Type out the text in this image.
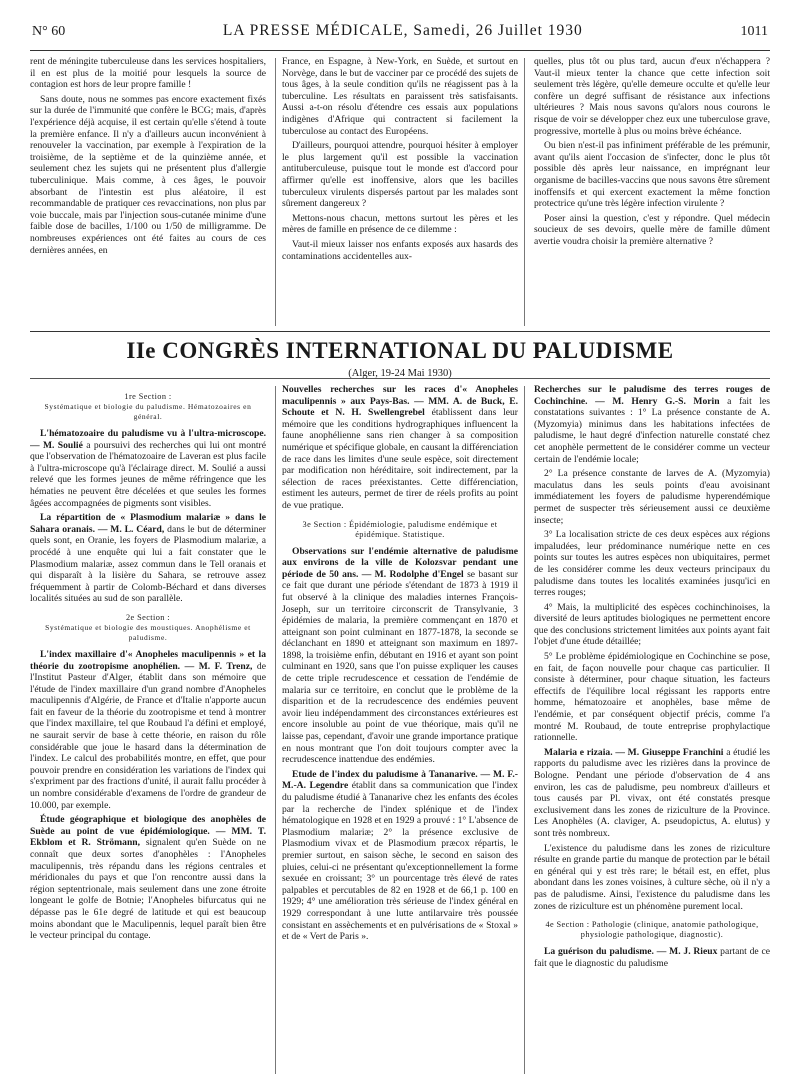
N° 60	LA PRESSE MÉDICALE, Samedi, 26 Juillet 1930	1011

rent de méningite tuberculeuse dans les services hospitaliers, il en est plus de la moitié pour lesquels la source de contagion est hors de leur propre famille !

Sans doute, nous ne sommes pas encore exactement fixés sur la durée de l'immunité que confère le BCG; mais, d'après l'expérience déjà acquise, il est certain qu'elle s'étend à toute la première enfance. Il n'y a d'ailleurs aucun inconvénient à renouveler la vaccination, par exemple à l'expiration de la troisième, de la septième et de la quinzième année, et seulement chez les sujets qui ne présentent plus d'allergie tuberculinique. Mais comme, à ces âges, le pouvoir absorbant de l'intestin est plus aléatoire, il est recommandable de pratiquer ces revaccinations, non plus par voie buccale, mais par l'injection sous-cutanée minime d'une faible dose de bacilles, 1/100 ou 1/50 de milligramme. De nombreuses expériences ont été faites au cours de ces dernières années, en

France, en Espagne, à New-York, en Suède, et surtout en Norvège, dans le but de vacciner par ce procédé des sujets de tous âges, à la seule condition qu'ils ne réagissent pas à la tuberculine. Les résultats en paraissent très satisfaisants. Aussi a-t-on résolu d'étendre ces essais aux populations indigènes d'Afrique qui contractent si facilement la tuberculose au contact des Européens.

D'ailleurs, pourquoi attendre, pourquoi hésiter à employer le plus largement qu'il est possible la vaccination antituberculeuse, puisque tout le monde est d'accord pour affirmer qu'elle est inoffensive, alors que les bacilles tuberculeux virulents dispersés partout par les malades sont sûrement dangereux ?

Mettons-nous chacun, mettons surtout les pères et les mères de famille en présence de ce dilemme :

Vaut-il mieux laisser nos enfants exposés aux hasards des contaminations accidentelles aux-

quelles, plus tôt ou plus tard, aucun d'eux n'échappera ? Vaut-il mieux tenter la chance que cette infection soit seulement très légère, qu'elle demeure occulte et qu'elle leur confère un degré suffisant de résistance aux infections ultérieures ? Mais nous savons qu'alors nous courons le risque de voir se développer chez eux une tuberculose grave, progressive, mortelle à plus ou moins brève échéance.

Ou bien n'est-il pas infiniment préférable de les prémunir, avant qu'ils aient l'occasion de s'infecter, donc le plus tôt possible dès après leur naissance, en imprégnant leur organisme de bacilles-vaccins que nous savons être sûrement inoffensifs et qui exercent exactement la même fonction protectrice qu'une très légère infection virulente ?

Poser ainsi la question, c'est y répondre. Quel médecin soucieux de ses devoirs, quelle mère de famille dûment avertie voudra choisir la première alternative ?

IIe CONGRÈS INTERNATIONAL DU PALUDISME
(Alger, 19-24 Mai 1930)
1re Section :
Systématique et biologie du paludisme. Hématozoaires en général.

L'hématozoaire du paludisme vu à l'ultra-microscope. — M. Soulié a poursuivi des recherches qui lui ont montré que l'observation de l'hématozoaire de Laveran est plus facile à l'ultra-microscope qu'à l'éclairage direct. M. Soulié a aussi relevé que les formes jeunes de même réfringence que les hématies ne peuvent être décelées et que seules les formes âgées accompagnées de pigments sont visibles.

La répartition de « Plasmodium malariæ » dans le Sahara oranais. — M. L. Céard, dans le but de déterminer quels sont, en Oranie, les foyers de Plasmodium malariæ, a procédé à une enquête qui lui a fait constater que le Plasmodium malariæ, assez commun dans le Tell oranais et qui disparaît à la lisière du Sahara, se retrouve assez fréquemment à partir de Colomb-Béchard et dans diverses localités situées au sud de son parallèle.

2e Section :
Systématique et biologie des moustiques. Anophélisme et paludisme.

L'index maxillaire d'« Anopheles maculipennis » et la théorie du zootropisme anophélien. — M. F. Trenz, de l'Institut Pasteur d'Alger, établit dans son mémoire que l'étude de l'index maxillaire d'un grand nombre d'Anopheles maculipennis d'Algérie, de France et d'Italie n'apporte aucun fait en faveur de la théorie du zootropisme et tend à montrer que l'index maxillaire, tel que Roubaud l'a défini et employé, ne saurait servir de base à cette théorie, en raison du rôle considérable que joue le hasard dans la détermination de l'index. Le calcul des probabilités montre, en effet, que pour pouvoir prendre en considération les variations de l'index qui s'expriment par des fractions d'unité, il aurait fallu procéder à un nombre considérable d'examens de l'ordre de grandeur de 10.000, par exemple.

Étude géographique et biologique des anophèles de Suède au point de vue épidémiologique. — MM. T. Ekblom et R. Strömann, signalent qu'en Suède on ne connaît que deux sortes d'anophèles : l'Anopheles maculipennis, très répandu dans les régions centrales et méridionales du pays et que l'on rencontre aussi dans la région septentrionale, mais seulement dans une zone étroite longeant le golfe de Botnie; l'Anopheles bifurcatus qui ne dépasse pas le 61e degré de latitude et qui est beaucoup moins abondant que le Maculipennis, lequel paraît bien être le vecteur principal du contage.

Nouvelles recherches sur les races d'« Anopheles maculipennis » aux Pays-Bas. — MM. A. de Buck, E. Schoute et N. H. Swellengrebel établissent dans leur mémoire que les conditions hydrographiques influencent la faune anophélienne sans rien changer à sa composition numérique et spécifique globale, en causant la différenciation de race dans les limites d'une seule espèce, soit directement par modification non héréditaire, soit indirectement, par la sélection de races préexistantes. Cette différenciation, estiment les auteurs, permet de tirer de réels profits au point de vue pratique.

3e Section : Épidémiologie, paludisme endémique et épidémique. Statistique.

Observations sur l'endémie alternative de paludisme aux environs de la ville de Kolozsvar pendant une période de 50 ans. — M. Rodolphe d'Engel se basant sur ce fait que durant une période s'étendant de 1873 à 1919 il fut observé à la clinique des maladies internes François-Joseph, sur un territoire circonscrit de Transylvanie, 3 épidémies de malaria, la première commençant en 1870 et atteignant son point culminant en 1877-1878, la seconde se déclanchant en 1890 et atteignant son maximum en 1897-1898, la troisième enfin, débutant en 1916 et ayant son point culminant en 1920, sans que l'on puisse expliquer les causes de cette triple recrudescence et cessation de l'endémie de malaria sur ce territoire, en conclut que le problème de la disparition et de la recrudescence des endémies peuvent avoir lieu indépendamment des circonstances extérieures est encore insoluble au point de vue théorique, mais qu'il ne laisse pas, cependant, d'avoir une grande importance pratique en nous montrant que l'on doit toujours compter avec la recrudescence inattendue des endémies.

Etude de l'index du paludisme à Tananarive. — M. F.-M.-A. Legendre établit dans sa communication que l'index du paludisme étudié à Tananarive chez les enfants des écoles par la recherche de l'index splénique et de l'index hématologique en 1928 et en 1929 a prouvé : 1° L'absence de Plasmodium malariæ; 2° la présence exclusive de Plasmodium vivax et de Plasmodium præcox répartis, le premier surtout, en saison sèche, le second en saison des pluies, celui-ci ne présentant qu'exceptionnellement la forme sexuée en croissant; 3° un pourcentage très élevé de rates palpables et percutables de 82 en 1928 et de 66,1 p. 100 en 1929; 4° une amélioration très sérieuse de l'index général en 1929 correspondant à une lutte antilarvaire très poussée consistant en assèchements et en pulvérisations de « Stoxal » et de « Vert de Paris ».

Recherches sur le paludisme des terres rouges de Cochinchine. — M. Henry G.-S. Morin a fait les constatations suivantes : 1° La présence constante de A. (Myzomyia) minimus dans les habitations infectées de paludisme, le haut degré d'infection naturelle constaté chez cet anophèle permettent de le considérer comme un vecteur certain de l'endémie locale;

2° La présence constante de larves de A. (Myzomyia) maculatus dans les seuls points d'eau avoisinant immédiatement les foyers de paludisme hyperendémique permet de suspecter très sérieusement aussi ce deuxième insecte;

3° La localisation stricte de ces deux espèces aux régions impaludées, leur prédominance numérique nette en ces points sur toutes les autres espèces non ubiquitaires, permet de les considérer comme les deux vecteurs principaux du paludisme dans toutes les localités examinées jusqu'ici en terres rouges;

4° Mais, la multiplicité des espèces cochinchinoises, la diversité de leurs aptitudes biologiques ne permettent encore que des conclusions strictement limitées aux points ayant fait l'objet d'une étude détaillée;

5° Le problème épidémiologique en Cochinchine se pose, en fait, de façon nouvelle pour chaque cas particulier. Il consiste à déterminer, pour chaque situation, les facteurs effectifs de l'équilibre local régissant les rapports entre homme, hématozoaire et anophèles, base même de l'endémie, et par conséquent objectif précis, comme l'a montré M. Roubaud, de toute entreprise prophylactique rationnelle.

Malaria e rizaia. — M. Giuseppe Franchini a étudié les rapports du paludisme avec les rizières dans la province de Bologne. Pendant une période d'observation de 4 ans environ, les cas de paludisme, peu nombreux d'ailleurs et tous causés par Pl. vivax, ont été constatés presque exclusivement dans les zones de riziculture de la Province. Les Anophèles (A. claviger, A. pseudopictus, A. elutus) y sont très nombreux.

L'existence du paludisme dans les zones de riziculture résulte en grande partie du manque de protection par le bétail en général qui y est très rare; le bétail est, en effet, plus abondant dans les zones voisines, à culture sèche, où il n'y a pas de paludisme. Ainsi, l'existence du paludisme dans les zones de riziculture est un phénomène purement local.

4e Section : Pathologie (clinique, anatomie pathologique, physiologie pathologique, diagnostic).

La guérison du paludisme. — M. J. Rieux partant de ce fait que le diagnostic du paludisme
